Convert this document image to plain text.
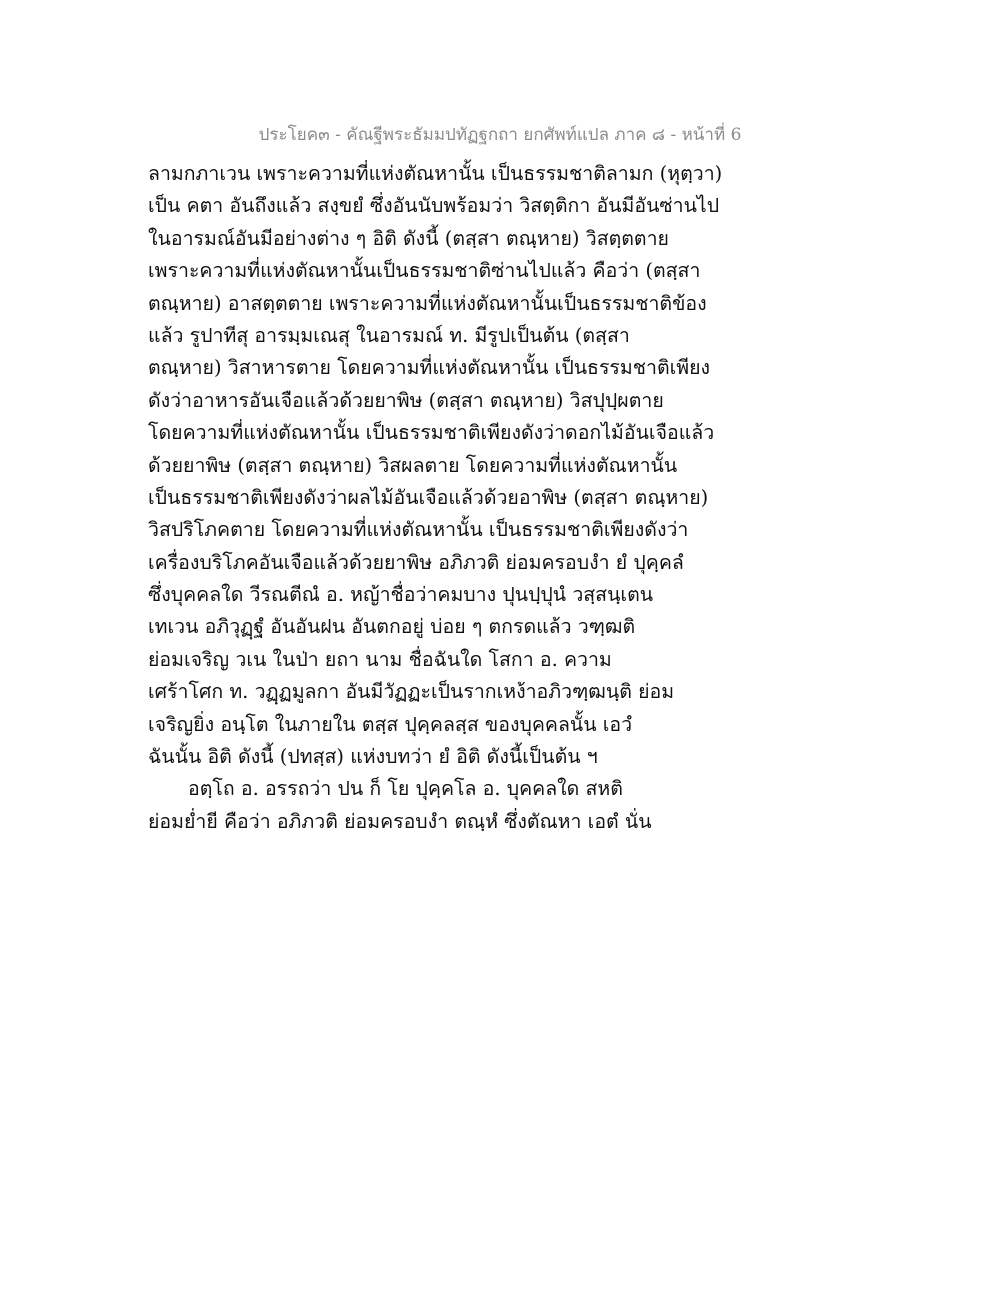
ประโยค๓ - คัณฐีพระธัมมปทัฏฐกถา ยกศัพท์แปล ภาค ๘ - หน้าที่ 6
ลามกภาเวน เพราะความที่แห่งตัณหานั้น เป็นธรรมชาติลามก (หุตฺวา)
เป็น คตา อันถึงแล้ว สงฺขยํ ซึ่งอันนับพร้อมว่า วิสตฺติกา อันมีอันซ่านไป
ในอารมณ์อันมีอย่างต่าง ๆ อิติ ดังนี้ (ตสฺสา ตณฺหาย) วิสตฺตตาย
เพราะความที่แห่งตัณหานั้นเป็นธรรมชาติซ่านไปแล้ว คือว่า (ตสฺสา
ตณฺหาย) อาสตฺตตาย เพราะความที่แห่งตัณหานั้นเป็นธรรมชาติข้อง
แล้ว รูปาทีสุ อารมฺมเณสุ ในอารมณ์ ท. มีรูปเป็นต้น (ตสฺสา
ตณฺหาย) วิสาหารตาย โดยความที่แห่งตัณหานั้น เป็นธรรมชาติเพียง
ดังว่าอาหารอันเจือแล้วด้วยยาพิษ (ตสฺสา ตณฺหาย) วิสปุปฺผตาย
โดยความที่แห่งตัณหานั้น เป็นธรรมชาติเพียงดังว่าดอกไม้อันเจือแล้ว
ด้วยยาพิษ (ตสฺสา ตณฺหาย) วิสผลตาย โดยความที่แห่งตัณหานั้น
เป็นธรรมชาติเพียงดังว่าผลไม้อันเจือแล้วด้วยอาพิษ (ตสฺสา ตณฺหาย)
วิสปริโภคตาย โดยความที่แห่งตัณหานั้น เป็นธรรมชาติเพียงดังว่า
เครื่องบริโภคอันเจือแล้วด้วยยาพิษ อภิภวติ ย่อมครอบงำ ยํ ปุคฺคลํ
ซึ่งบุคคลใด วีรณตีณํ อ. หญ้าชื่อว่าคมบาง ปุนปฺปุนํ วสฺสนฺเตน
เทเวน อภิวุฏฺฐํ อันอันฝน อันตกอยู่ บ่อย ๆ ตกรดแล้ว วฑฺฒติ
ย่อมเจริญ วเน ในป่า ยถา นาม ชื่อฉันใด โสกา อ. ความ
เศร้าโศก ท. วฏฺฏมูลกา อันมีวัฏฏะเป็นรากเหง้าอภิวฑฺฒนฺติ ย่อม
เจริญยิ่ง อนฺโต ในภายใน ตสฺส ปุคฺคลสฺส ของบุคคลนั้น เอวํ
ฉันนั้น อิติ ดังนี้ (ปทสฺส) แห่งบทว่า ยํ อิติ ดังนี้เป็นต้น ฯ
อตฺโถ อ. อรรถว่า ปน ก็ โย ปุคฺคโล อ. บุคคลใด สหติ
ย่อมย่ำยี คือว่า อภิภวติ ย่อมครอบงำ ตณฺหํ ซึ่งตัณหา เอตํ นั่น
